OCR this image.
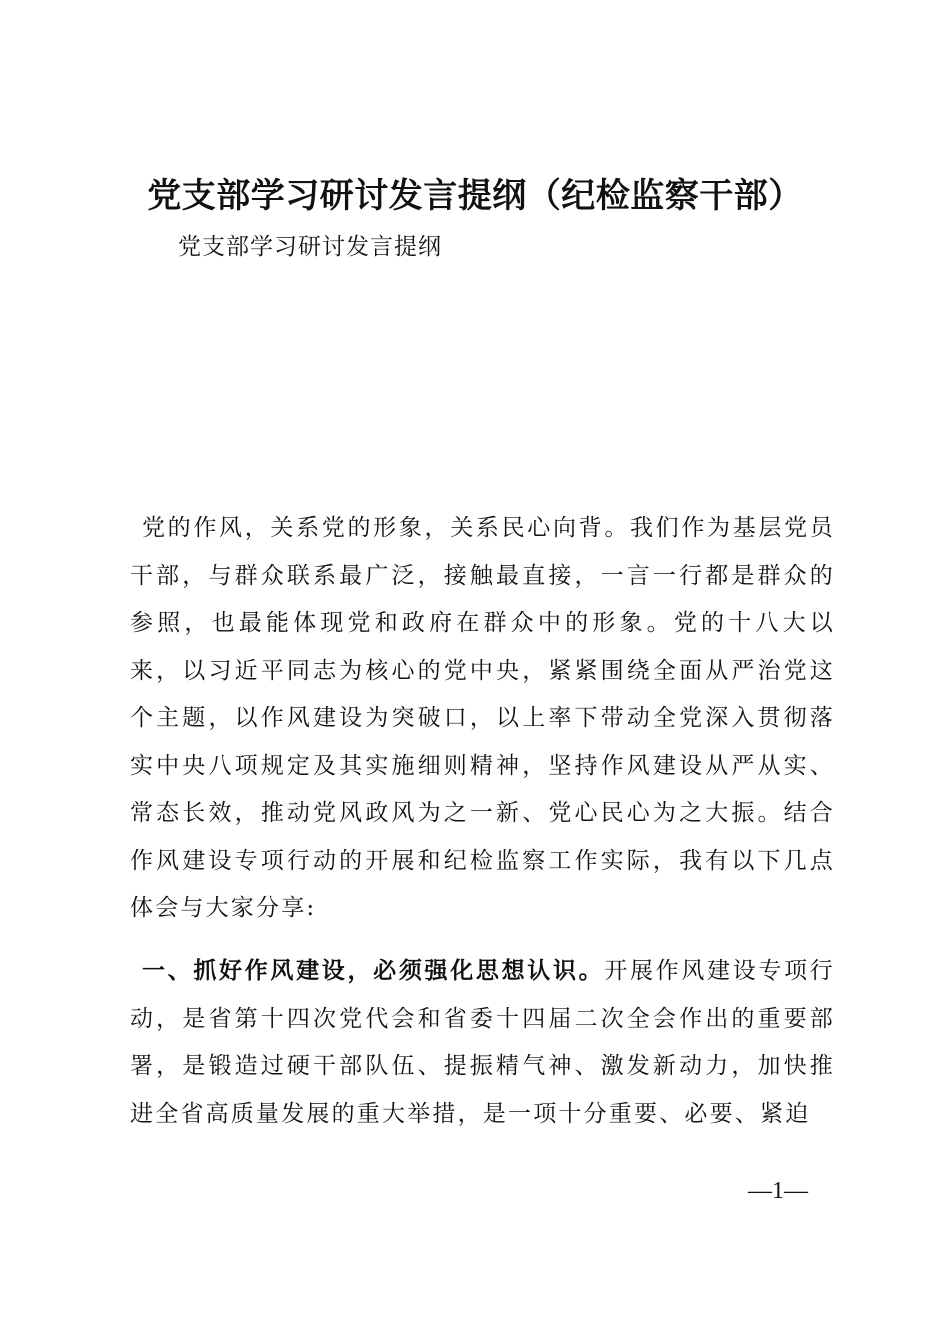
党支部学习研讨发言提纲（纪检监察干部）

党支部学习研讨发言提纲

党的作风，关系党的形象，关系民心向背。我们作为基层党员干部，与群众联系最广泛，接触最直接，一言一行都是群众的参照，也最能体现党和政府在群众中的形象。党的十八大以来，以习近平同志为核心的党中央，紧紧围绕全面从严治党这个主题，以作风建设为突破口，以上率下带动全党深入贯彻落实中央八项规定及其实施细则精神，坚持作风建设从严从实、常态长效，推动党风政风为之一新、党心民心为之大振。结合作风建设专项行动的开展和纪检监察工作实际，我有以下几点体会与大家分享:

一、抓好作风建设，必须强化思想认识。开展作风建设专项行动，是省第十四次党代会和省委十四届二次全会作出的重要部署，是锻造过硬干部队伍、提振精气神、激发新动力，加快推进全省高质量发展的重大举措，是一项十分重要、必要、紧迫

—1—
